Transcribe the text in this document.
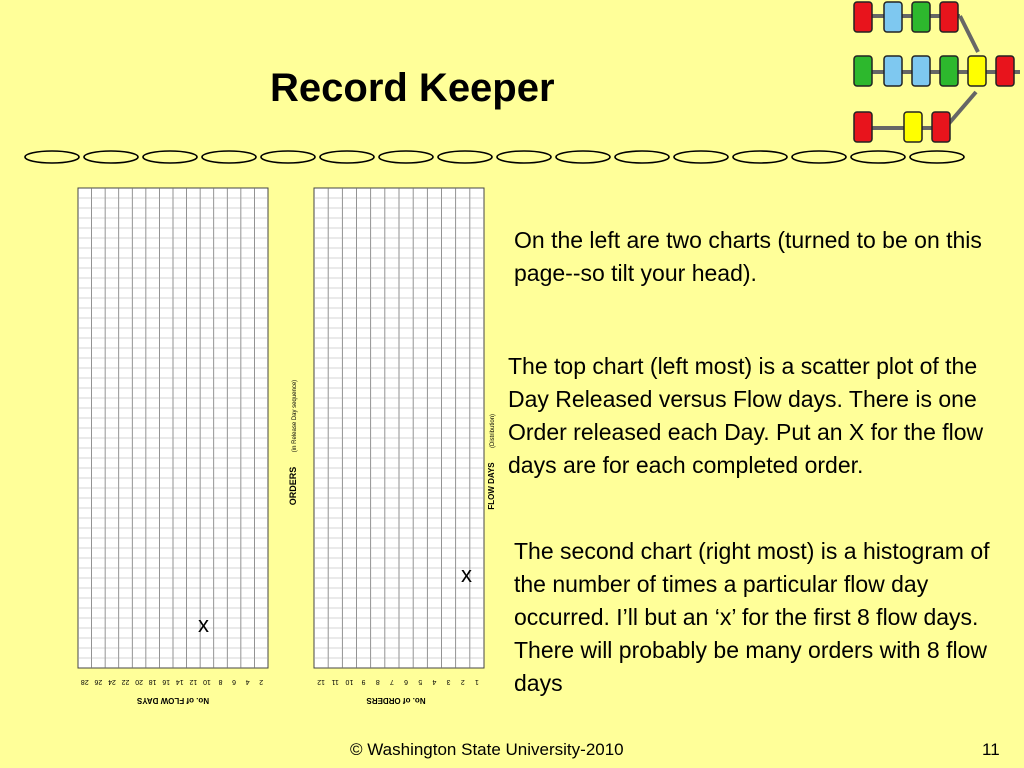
Record Keeper
ORDERS
(in Release Day sequence)
No. of FLOW DAYS
2
4
6
8
10
12
14
16
18
20
22
24
26
28
FLOW DAYS
(Distribution)
No. of ORDERS
1
2
3
4
5
6
7
8
9
10
11
12
x
x
On the left are two charts (turned to be on this page--so tilt your head).
The top chart (left most) is a scatter plot of the Day Released versus Flow days. There is one Order released each Day. Put an X for the flow days are for each completed order.
The second chart (right most) is a histogram of the number of times a particular flow day occurred. I’ll but an ‘x’ for the first 8 flow days. There will probably be many orders with 8 flow days
© Washington State University-2010	11
